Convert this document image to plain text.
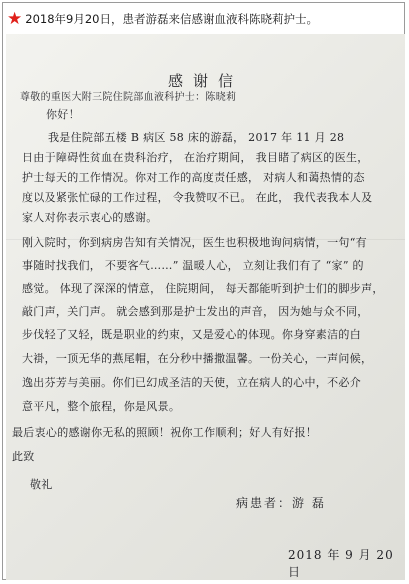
★ 2018年9月20日，患者游磊来信感谢血液科陈晓莉护士。
感谢信
尊敬的重医大附三院住院部血液科护士：陈晓莉
你好！
我是住院部五楼 B 病区 58 床的游磊， 2017 年 11 月 28
日由于障碍性贫血在贵科治疗， 在治疗期间， 我目睹了病区的医生，
护士每天的工作情况。你对工作的高度责任感， 对病人和蔼热情的态
度以及紧张忙碌的工作过程， 令我赞叹不已。 在此， 我代表我本人及
家人对你表示衷心的感谢。
刚入院时，你到病房告知有关情况，医生也积极地询问病情，一句“有
事随时找我们， 不要客气……” 温暖人心， 立刻让我们有了 “家” 的
感觉。 体现了深深的情意， 住院期间， 每天都能听到护士们的脚步声，
敲门声，关门声。 就会感到那是护士发出的声音， 因为她与众不同，
步伐轻了又轻，既是职业的约束，又是爱心的体现。你身穿素洁的白
大褂，一顶无华的燕尾帽，在分秒中播撒温馨。一份关心，一声问候，
逸出芬芳与美丽。你们已幻成圣洁的天使，立在病人的心中，不必介
意平凡，整个旅程，你是风景。
最后衷心的感谢你无私的照顾！祝你工作顺利；好人有好报！
此致
敬礼
病患者：游 磊
2018 年 9 月 20 日
